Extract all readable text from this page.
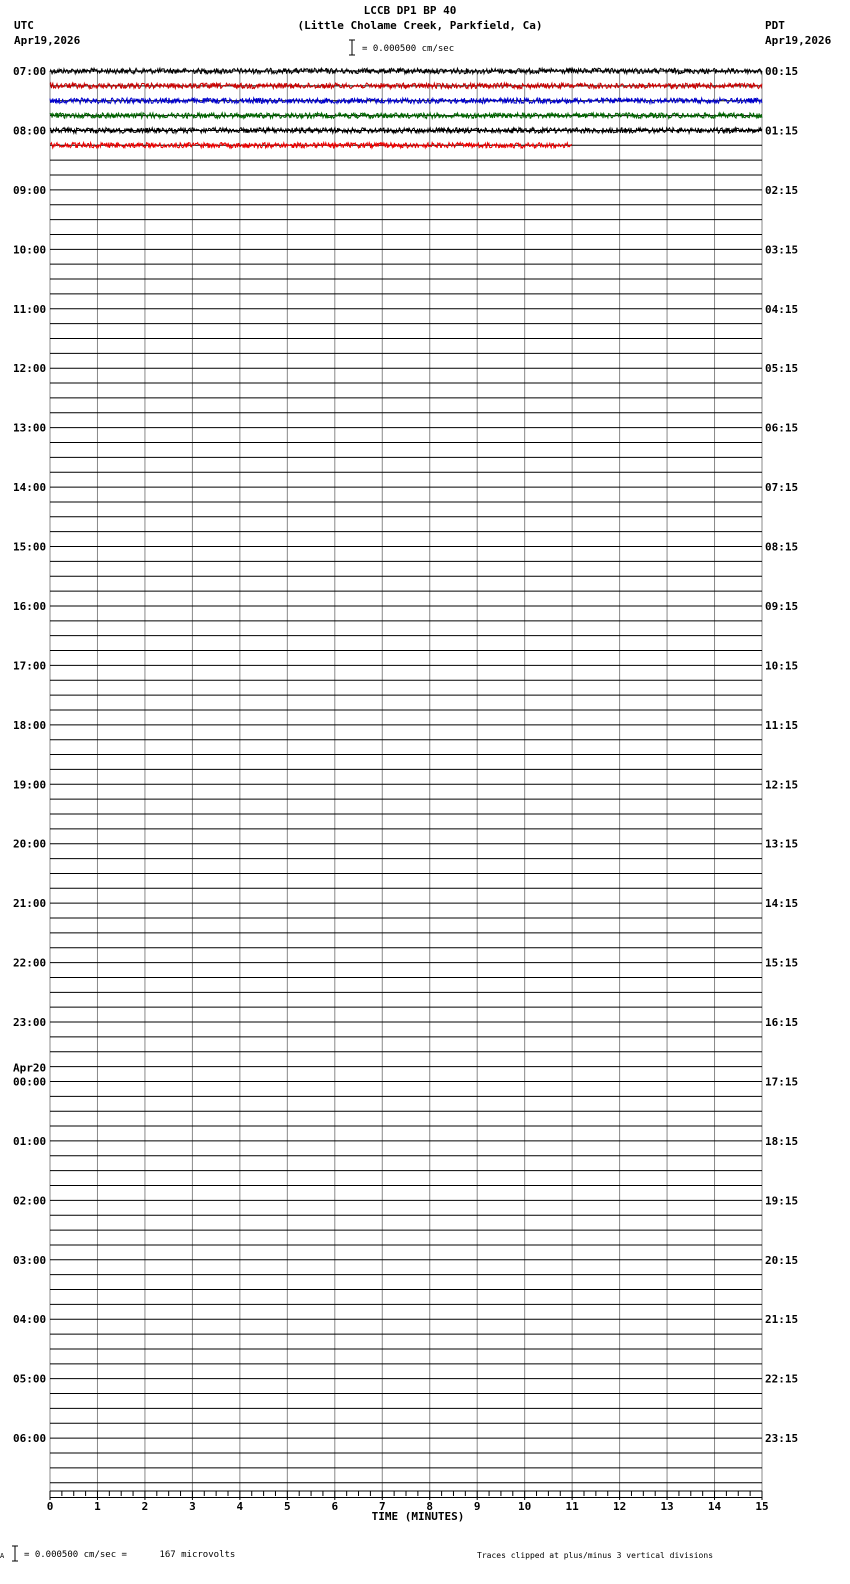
UTC
Apr19,2026
LCCB DP1 BP 40
(Little Cholame Creek, Parkfield, Ca)	PDT
Apr19,2026
= 0.000500 cm/sec
07:00
08:00
09:00
10:00
11:00
12:00
13:00
14:00
15:00
16:00
17:00
18:00
19:00
20:00
21:00
22:00
23:00
00:00
Apr20
01:00
02:00
03:00
04:00
05:00
06:00
00:15
01:15
02:15
03:15
04:15
05:15
06:15
07:15
08:15
09:15
10:15
11:15
12:15
13:15
14:15
15:15
16:15
17:15
18:15
19:15
20:15
21:15
22:15
23:15
0	1	2	3	4	5	6	7	8	9	10	11	12	13	14	15
TIME (MINUTES)
A = 0.000500 cm/sec =      167 microvolts	Traces clipped at plus/minus 3 vertical divisions
